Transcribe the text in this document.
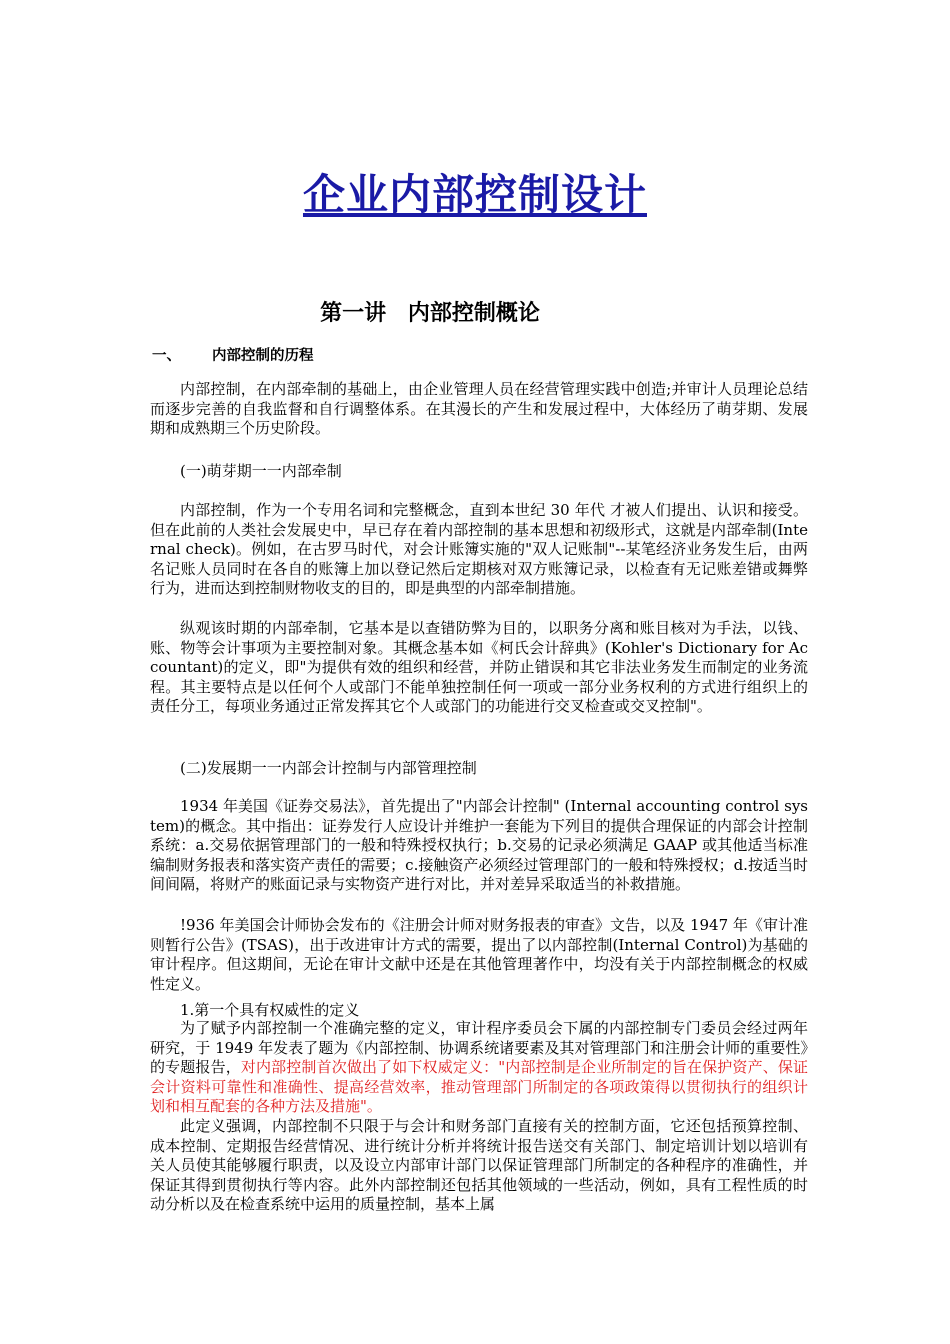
企业内部控制设计
第一讲 内部控制概论
一、 内部控制的历程
内部控制，在内部牵制的基础上，由企业管理人员在经营管理实践中创造;并审计人员理论总结而逐步完善的自我监督和自行调整体系。在其漫长的产生和发展过程中，大体经历了萌芽期、发展期和成熟期三个历史阶段。
(一)萌芽期一一内部牵制
内部控制，作为一个专用名词和完整概念，直到本世纪 30 年代 才被人们提出、认识和接受。但在此前的人类社会发展史中，早已存在着内部控制的基本思想和初级形式，这就是内部牵制(Internal check)。例如，在古罗马时代，对会计账簿实施的"双人记账制"--某笔经济业务发生后，由两名记账人员同时在各自的账簿上加以登记然后定期核对双方账簿记录，以检查有无记账差错或舞弊行为，进而达到控制财物收支的目的，即是典型的内部牵制措施。
纵观该时期的内部牵制，它基本是以查错防弊为目的，以职务分离和账目核对为手法，以钱、账、物等会计事项为主要控制对象。其概念基本如《柯氏会计辞典》(Kohler's Dictionary for Accountant)的定义，即"为提供有效的组织和经营，并防止错误和其它非法业务发生而制定的业务流程。其主要特点是以任何个人或部门不能单独控制任何一项或一部分业务权利的方式进行组织上的责任分工，每项业务通过正常发挥其它个人或部门的功能进行交叉检查或交叉控制"。
(二)发展期一一内部会计控制与内部管理控制
1934 年美国《证券交易法》，首先提出了"内部会计控制" (Internal accounting control system)的概念。其中指出：证券发行人应设计并维护一套能为下列目的提供合理保证的内部会计控制系统：a.交易依据管理部门的一般和特殊授权执行；b.交易的记录必须满足 GAAP 或其他适当标准编制财务报表和落实资产责任的需要；c.接触资产必须经过管理部门的一般和特殊授权；d.按适当时间间隔，将财产的账面记录与实物资产进行对比，并对差异采取适当的补救措施。
!936 年美国会计师协会发布的《注册会计师对财务报表的审查》文告，以及 1947 年《审计准则暂行公告》(TSAS)，出于改进审计方式的需要，提出了以内部控制(Internal Control)为基础的审计程序。但这期间，无论在审计文献中还是在其他管理著作中，均没有关于内部控制概念的权威性定义。
1.第一个具有权威性的定义
为了赋予内部控制一个准确完整的定义，审计程序委员会下属的内部控制专门委员会经过两年研究，于 1949 年发表了题为《内部控制、协调系统诸要素及其对管理部门和注册会计师的重要性》的专题报告，对内部控制首次做出了如下权威定义："内部控制是企业所制定的旨在保护资产、保证会计资料可靠性和准确性、提高经营效率，推动管理部门所制定的各项政策得以贯彻执行的组织计划和相互配套的各种方法及措施"。
此定义强调，内部控制不只限于与会计和财务部门直接有关的控制方面，它还包括预算控制、成本控制、定期报告经营情况、进行统计分析并将统计报告送交有关部门、制定培训计划以培训有关人员使其能够履行职责，以及设立内部审计部门以保证管理部门所制定的各种程序的准确性，并保证其得到贯彻执行等内容。此外内部控制还包括其他领域的一些活动，例如，具有工程性质的时动分析以及在检查系统中运用的质量控制，基本上属
